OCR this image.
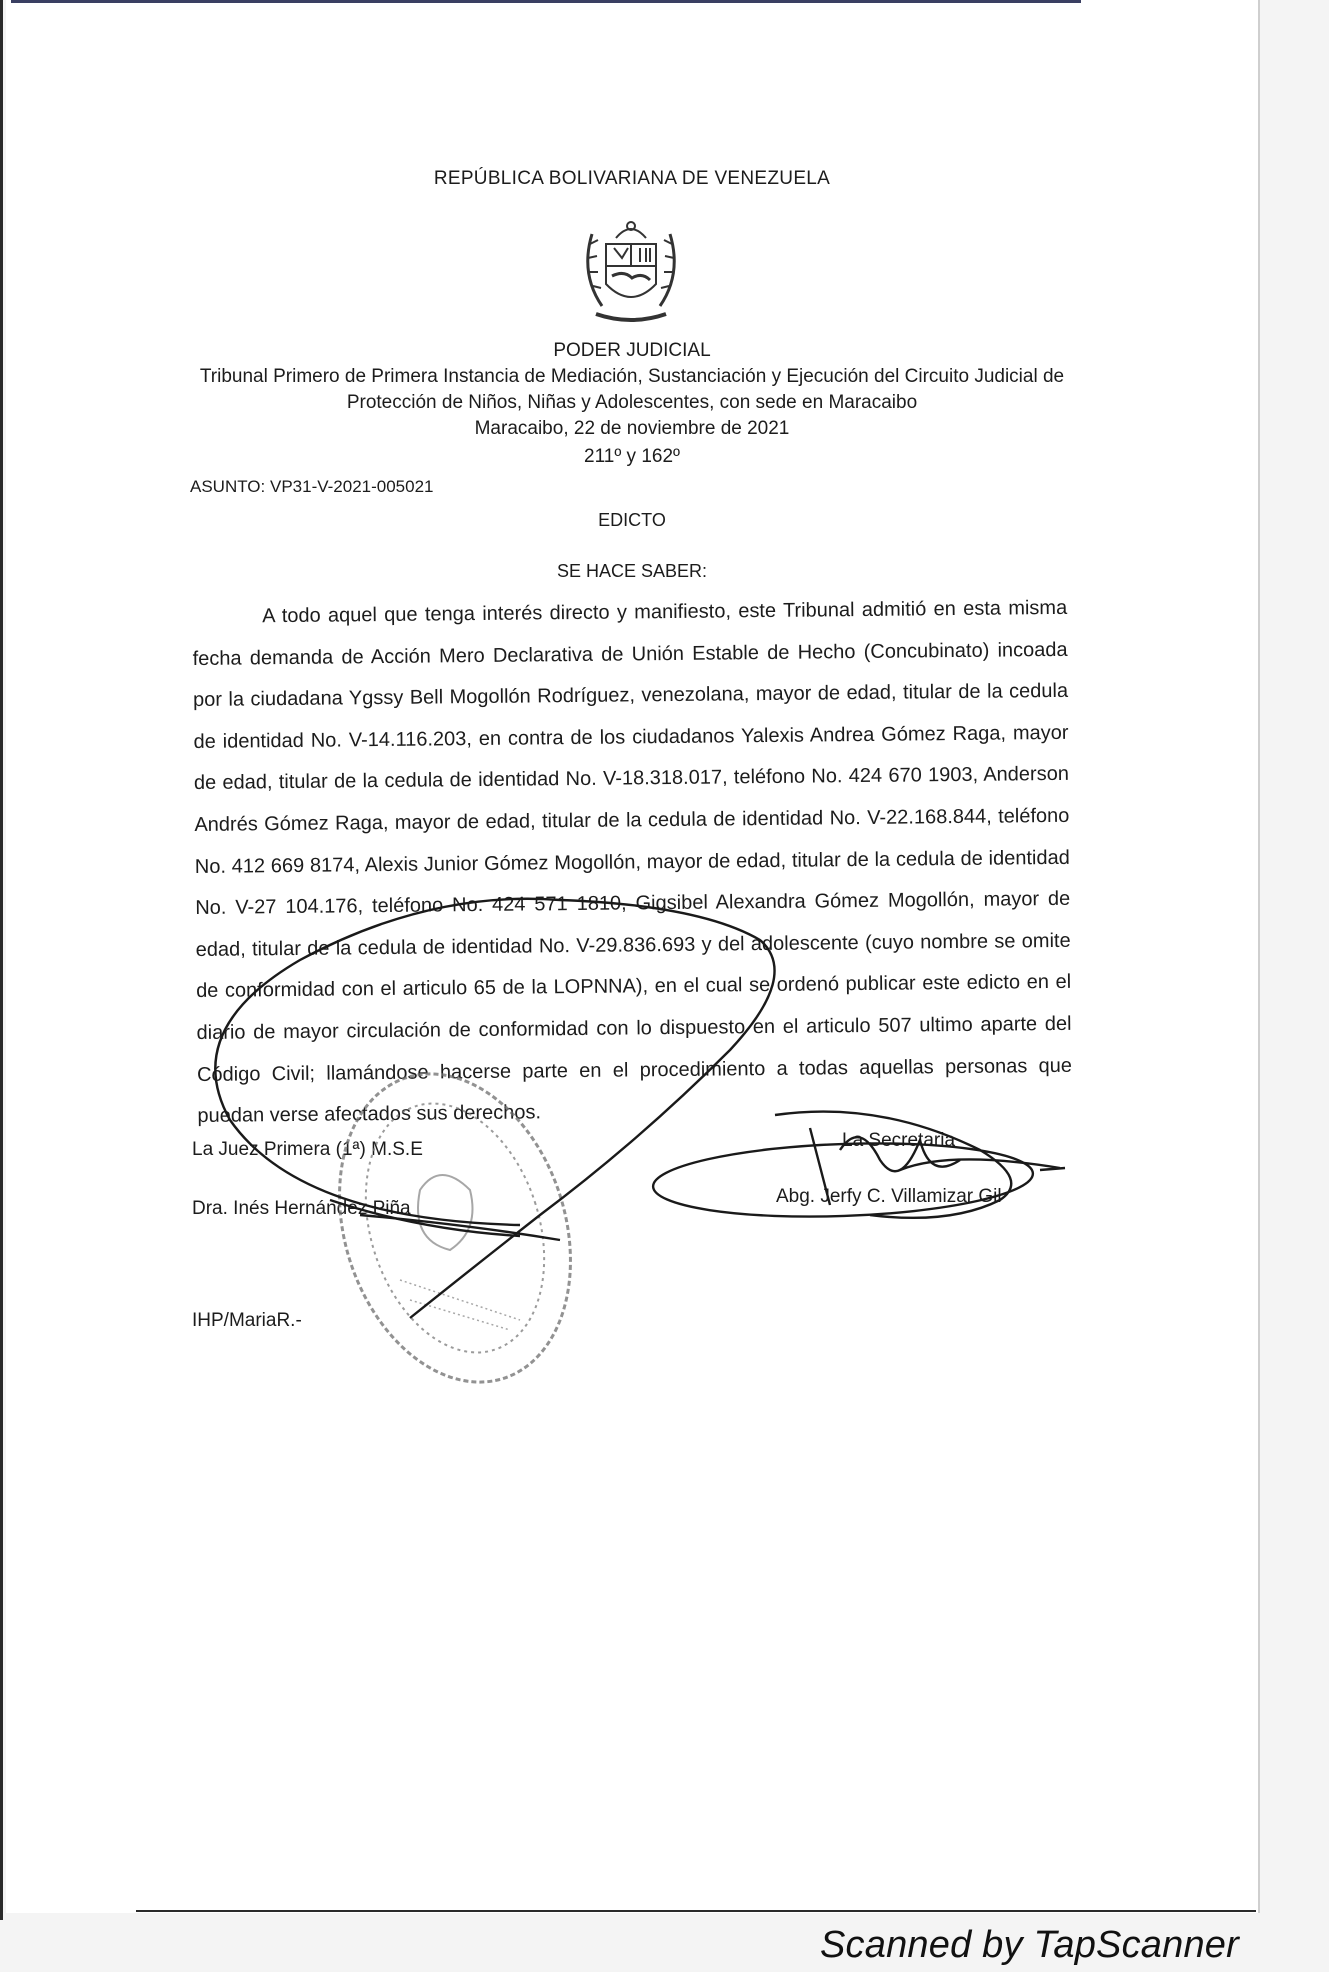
REPÚBLICA BOLIVARIANA DE VENEZUELA
PODER JUDICIAL
Tribunal Primero de Primera Instancia de Mediación, Sustanciación y Ejecución del Circuito Judicial de Protección de Niños, Niñas y Adolescentes, con sede en Maracaibo
Maracaibo, 22 de noviembre de 2021
211º y 162º
ASUNTO: VP31-V-2021-005021
EDICTO
SE HACE SABER:

A todo aquel que tenga interés directo y manifiesto, este Tribunal admitió en esta misma fecha demanda de Acción Mero Declarativa de Unión Estable de Hecho (Concubinato) incoada por la ciudadana Ygssy Bell Mogollón Rodríguez, venezolana, mayor de edad, titular de la cedula de identidad No. V-14.116.203, en contra de los ciudadanos Yalexis Andrea Gómez Raga, mayor de edad, titular de la cedula de identidad No. V-18.318.017, teléfono No. 424 670 1903, Anderson Andrés Gómez Raga, mayor de edad, titular de la cedula de identidad No. V-22.168.844, teléfono No. 412 669 8174, Alexis Junior Gómez Mogollón, mayor de edad, titular de la cedula de identidad No. V-27 104.176, teléfono No. 424 571 1810, Gigsibel Alexandra Gómez Mogollón, mayor de edad, titular de la cedula de identidad No. V-29.836.693 y del adolescente (cuyo nombre se omite de conformidad con el articulo 65 de la LOPNNA), en el cual se ordenó publicar este edicto en el diario de mayor circulación de conformidad con lo dispuesto en el articulo 507 ultimo aparte del Código Civil; llamándose hacerse parte en el procedimiento a todas aquellas personas que puedan verse afectados sus derechos.

La Juez Primera (1ª) M.S.E
Dra. Inés Hernández Piña
La Secretaria
Abg. Jerfy C. Villamizar Gil
IHP/MariaR.-
Scanned by TapScanner
